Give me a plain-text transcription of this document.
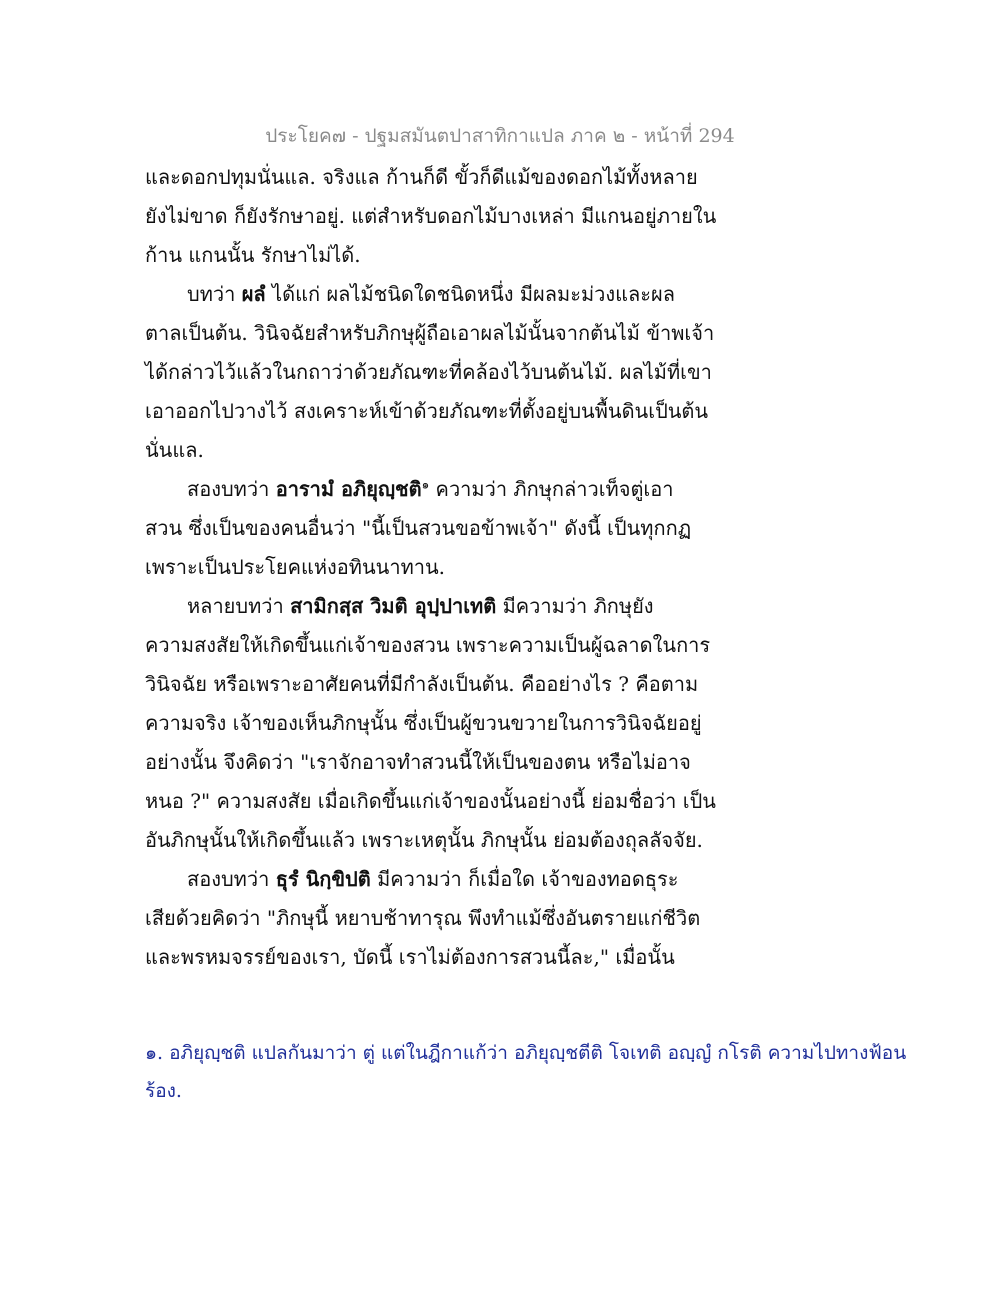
ประโยค๗ - ปฐมสมันตปาสาทิกาแปล ภาค ๒ - หน้าที่ 294
และดอกปทุมนั่นแล. จริงแล ก้านก็ดี ขั้วก็ดีแม้ของดอกไม้ทั้งหลาย
ยังไม่ขาด ก็ยังรักษาอยู่. แต่สำหรับดอกไม้บางเหล่า มีแกนอยู่ภายใน
ก้าน แกนนั้น รักษาไม่ได้.
บทว่า ผลํ ได้แก่ ผลไม้ชนิดใดชนิดหนึ่ง มีผลมะม่วงและผล
ตาลเป็นต้น. วินิจฉัยสำหรับภิกษุผู้ถือเอาผลไม้นั้นจากต้นไม้ ข้าพเจ้า
ได้กล่าวไว้แล้วในกถาว่าด้วยภัณฑะที่คล้องไว้บนต้นไม้. ผลไม้ที่เขา
เอาออกไปวางไว้ สงเคราะห์เข้าด้วยภัณฑะที่ตั้งอยู่บนพื้นดินเป็นต้น
นั่นแล.
สองบทว่า อารามํ อภิยุญฺชติ$^๑$ ความว่า ภิกษุกล่าวเท็จตู่เอา
สวน ซึ่งเป็นของคนอื่นว่า "นี้เป็นสวนขอข้าพเจ้า" ดังนี้ เป็นทุกกฏ
เพราะเป็นประโยคแห่งอทินนาทาน.
หลายบทว่า สามิกสฺส วิมติ อุปฺปาเทติ มีความว่า ภิกษุยัง
ความสงสัยให้เกิดขึ้นแก่เจ้าของสวน เพราะความเป็นผู้ฉลาดในการ
วินิจฉัย หรือเพราะอาศัยคนที่มีกำลังเป็นต้น. คืออย่างไร ? คือตาม
ความจริง เจ้าของเห็นภิกษุนั้น ซึ่งเป็นผู้ขวนขวายในการวินิจฉัยอยู่
อย่างนั้น จึงคิดว่า "เราจักอาจทำสวนนี้ให้เป็นของตน หรือไม่อาจ
หนอ ?" ความสงสัย เมื่อเกิดขึ้นแก่เจ้าของนั้นอย่างนี้ ย่อมชื่อว่า เป็น
อันภิกษุนั้นให้เกิดขึ้นแล้ว เพราะเหตุนั้น ภิกษุนั้น ย่อมต้องถุลลัจจัย.
สองบทว่า ธุรํ นิกฺขิปติ มีความว่า ก็เมื่อใด เจ้าของทอดธุระ
เสียด้วยคิดว่า "ภิกษุนี้ หยาบช้าทารุณ พึงทำแม้ซึ่งอันตรายแก่ชีวิต
และพรหมจรรย์ของเรา, บัดนี้ เราไม่ต้องการสวนนี้ละ," เมื่อนั้น
๑. อภิยุญฺชติ แปลกันมาว่า ตู่ แต่ในฎีกาแก้ว่า อภิยุญฺชตีติ โจเทติ อญฺญํ กโรติ ความไปทางฟ้อน
ร้อง.
